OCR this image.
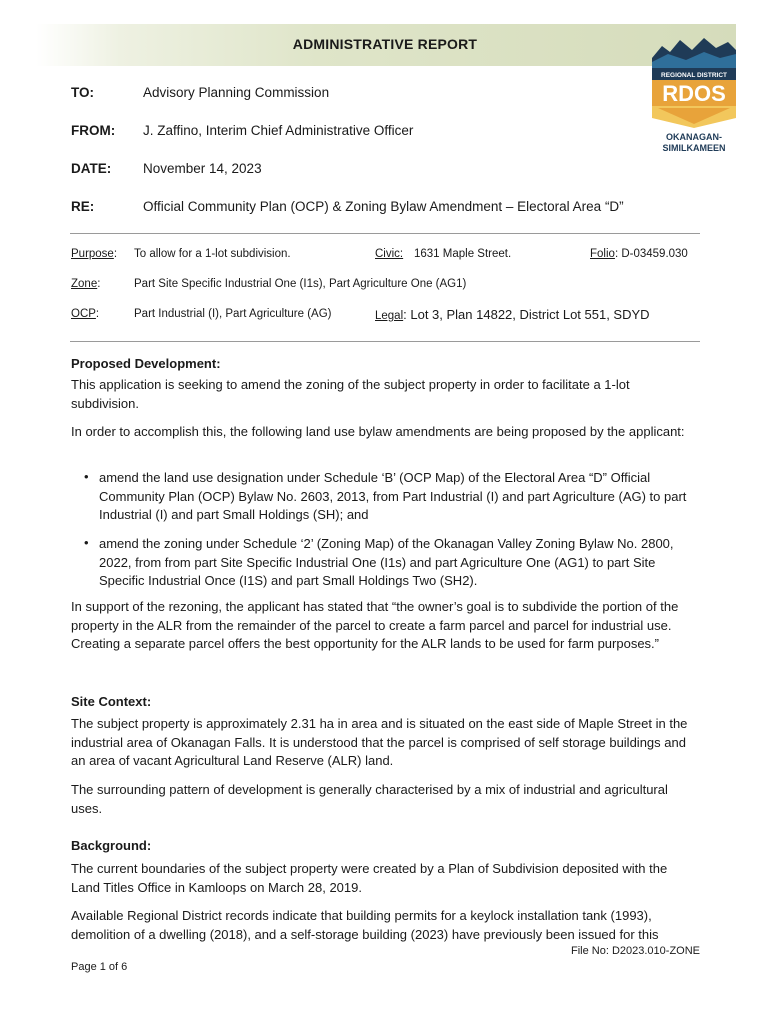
ADMINISTRATIVE REPORT
REGIONAL DISTRICT
RDOS
OKANAGAN-
SIMILKAMEEN
TO:	Advisory Planning Commission
FROM: J. Zaffino, Interim Chief Administrative Officer
DATE: November 14, 2023
RE:	Official Community Plan (OCP) & Zoning Bylaw Amendment – Electoral Area “D”
Purpose: To allow for a 1-lot subdivision.	Civic: 1631 Maple Street.	Folio: D-03459.030
Zone:	Part Site Specific Industrial One (I1s), Part Agriculture One (AG1)
OCP:	Part Industrial (I), Part Agriculture (AG)	Legal: Lot 3, Plan 14822, District Lot 551, SDYD
Proposed Development:

This application is seeking to amend the zoning of the subject property in order to facilitate a 1-lot subdivision.

In order to accomplish this, the following land use bylaw amendments are being proposed by the applicant:

• amend the land use designation under Schedule ‘B’ (OCP Map) of the Electoral Area “D” Official Community Plan (OCP) Bylaw No. 2603, 2013, from Part Industrial (I) and part Agriculture (AG) to part Industrial (I) and part Small Holdings (SH); and

• amend the zoning under Schedule ‘2’ (Zoning Map) of the Okanagan Valley Zoning Bylaw No. 2800, 2022, from from part Site Specific Industrial One (I1s) and part Agriculture One (AG1) to part Site Specific Industrial Once (I1S) and part Small Holdings Two (SH2).

In support of the rezoning, the applicant has stated that “the owner’s goal is to subdivide the portion of the property in the ALR from the remainder of the parcel to create a farm parcel and parcel for industrial use. Creating a separate parcel offers the best opportunity for the ALR lands to be used for farm purposes.”

Site Context:

The subject property is approximately 2.31 ha in area and is situated on the east side of Maple Street in the industrial area of Okanagan Falls. It is understood that the parcel is comprised of self storage buildings and an area of vacant Agricultural Land Reserve (ALR) land.

The surrounding pattern of development is generally characterised by a mix of industrial and agricultural uses.

Background:

The current boundaries of the subject property were created by a Plan of Subdivision deposited with the Land Titles Office in Kamloops on March 28, 2019.

Available Regional District records indicate that building permits for a keylock installation tank (1993), demolition of a dwelling (2018), and a self-storage building (2023) have previously been issued for this

File No: D2023.010-ZONE
Page 1 of 6
